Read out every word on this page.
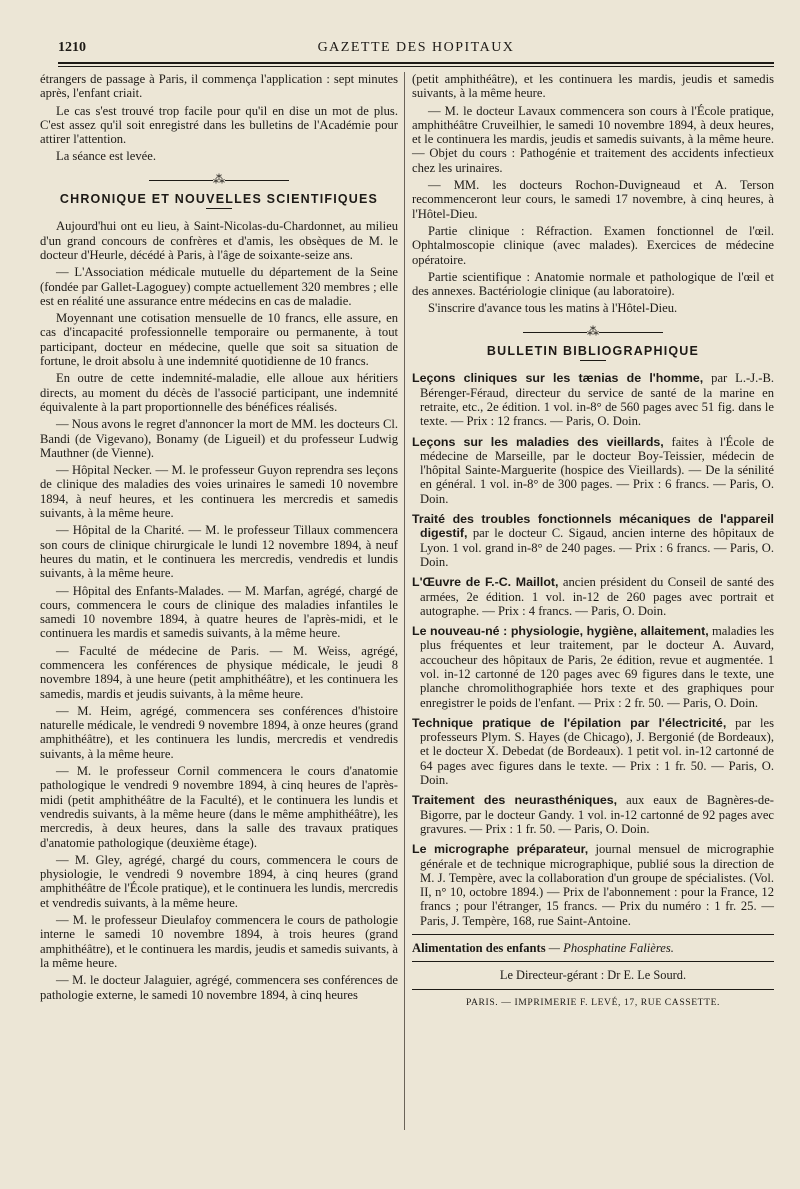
1210	GAZETTE DES HOPITAUX

étrangers de passage à Paris, il commença l'application : sept minutes après, l'enfant criait.

Le cas s'est trouvé trop facile pour qu'il en dise un mot de plus. C'est assez qu'il soit enregistré dans les bulletins de l'Académie pour attirer l'attention.

La séance est levée.

⁂
CHRONIQUE ET NOUVELLES SCIENTIFIQUES

Aujourd'hui ont eu lieu, à Saint-Nicolas-du-Chardonnet, au milieu d'un grand concours de confrères et d'amis, les obsèques de M. le docteur d'Heurle, décédé à Paris, à l'âge de soixante-seize ans.

— L'Association médicale mutuelle du département de la Seine (fondée par Gallet-Lagoguey) compte actuellement 320 membres ; elle est en réalité une assurance entre médecins en cas de maladie.

Moyennant une cotisation mensuelle de 10 francs, elle assure, en cas d'incapacité professionnelle temporaire ou permanente, à tout participant, docteur en médecine, quelle que soit sa situation de fortune, le droit absolu à une indemnité quotidienne de 10 francs.

En outre de cette indemnité-maladie, elle alloue aux héritiers directs, au moment du décès de l'associé participant, une indemnité équivalente à la part proportionnelle des bénéfices réalisés.

— Nous avons le regret d'annoncer la mort de MM. les docteurs Cl. Bandi (de Vigevano), Bonamy (de Ligueil) et du professeur Ludwig Mauthner (de Vienne).

— Hôpital Necker. — M. le professeur Guyon reprendra ses leçons de clinique des maladies des voies urinaires le samedi 10 novembre 1894, à neuf heures, et les continuera les mercredis et samedis suivants, à la même heure.

— Hôpital de la Charité. — M. le professeur Tillaux commencera son cours de clinique chirurgicale le lundi 12 novembre 1894, à neuf heures du matin, et le continuera les mercredis, vendredis et lundis suivants, à la même heure.

— Hôpital des Enfants-Malades. — M. Marfan, agrégé, chargé de cours, commencera le cours de clinique des maladies infantiles le samedi 10 novembre 1894, à quatre heures de l'après-midi, et le continuera les mardis et samedis suivants, à la même heure.

— Faculté de médecine de Paris. — M. Weiss, agrégé, commencera les conférences de physique médicale, le jeudi 8 novembre 1894, à une heure (petit amphithéâtre), et les continuera les samedis, mardis et jeudis suivants, à la même heure.

— M. Heim, agrégé, commencera ses conférences d'histoire naturelle médicale, le vendredi 9 novembre 1894, à onze heures (grand amphithéâtre), et les continuera les lundis, mercredis et vendredis suivants, à la même heure.

— M. le professeur Cornil commencera le cours d'anatomie pathologique le vendredi 9 novembre 1894, à cinq heures de l'après-midi (petit amphithéâtre de la Faculté), et le continuera les lundis et vendredis suivants, à la même heure (dans le même amphithéâtre), les mercredis, à deux heures, dans la salle des travaux pratiques d'anatomie pathologique (deuxième étage).

— M. Gley, agrégé, chargé du cours, commencera le cours de physiologie, le vendredi 9 novembre 1894, à cinq heures (grand amphithéâtre de l'École pratique), et le continuera les lundis, mercredis et vendredis suivants, à la même heure.

— M. le professeur Dieulafoy commencera le cours de pathologie interne le samedi 10 novembre 1894, à trois heures (grand amphithéâtre), et le continuera les mardis, jeudis et samedis suivants, à la même heure.

— M. le docteur Jalaguier, agrégé, commencera ses conférences de pathologie externe, le samedi 10 novembre 1894, à cinq heures

(petit amphithéâtre), et les continuera les mardis, jeudis et samedis suivants, à la même heure.

— M. le docteur Lavaux commencera son cours à l'École pratique, amphithéâtre Cruveilhier, le samedi 10 novembre 1894, à deux heures, et le continuera les mardis, jeudis et samedis suivants, à la même heure. — Objet du cours : Pathogénie et traitement des accidents infectieux chez les urinaires.

— MM. les docteurs Rochon-Duvigneaud et A. Terson recommenceront leur cours, le samedi 17 novembre, à cinq heures, à l'Hôtel-Dieu.

Partie clinique : Réfraction. Examen fonctionnel de l'œil. Ophtalmoscopie clinique (avec malades). Exercices de médecine opératoire.

Partie scientifique : Anatomie normale et pathologique de l'œil et des annexes. Bactériologie clinique (au laboratoire).

S'inscrire d'avance tous les matins à l'Hôtel-Dieu.

⁂
BULLETIN BIBLIOGRAPHIQUE

Leçons cliniques sur les tænias de l'homme, par L.-J.-B. Bérenger-Féraud, directeur du service de santé de la marine en retraite, etc., 2e édition. 1 vol. in-8° de 560 pages avec 51 fig. dans le texte. — Prix : 12 francs. — Paris, O. Doin.

Leçons sur les maladies des vieillards, faites à l'École de médecine de Marseille, par le docteur Boy-Teissier, médecin de l'hôpital Sainte-Marguerite (hospice des Vieillards). — De la sénilité en général. 1 vol. in-8° de 300 pages. — Prix : 6 francs. — Paris, O. Doin.

Traité des troubles fonctionnels mécaniques de l'appareil digestif, par le docteur C. Sigaud, ancien interne des hôpitaux de Lyon. 1 vol. grand in-8° de 240 pages. — Prix : 6 francs. — Paris, O. Doin.

L'Œuvre de F.-C. Maillot, ancien président du Conseil de santé des armées, 2e édition. 1 vol. in-12 de 260 pages avec portrait et autographe. — Prix : 4 francs. — Paris, O. Doin.

Le nouveau-né : physiologie, hygiène, allaitement, maladies les plus fréquentes et leur traitement, par le docteur A. Auvard, accoucheur des hôpitaux de Paris, 2e édition, revue et augmentée. 1 vol. in-12 cartonné de 120 pages avec 69 figures dans le texte, une planche chromolithographiée hors texte et des graphiques pour enregistrer le poids de l'enfant. — Prix : 2 fr. 50. — Paris, O. Doin.

Technique pratique de l'épilation par l'électricité, par les professeurs Plym. S. Hayes (de Chicago), J. Bergonié (de Bordeaux), et le docteur X. Debedat (de Bordeaux). 1 petit vol. in-12 cartonné de 64 pages avec figures dans le texte. — Prix : 1 fr. 50. — Paris, O. Doin.

Traitement des neurasthéniques, aux eaux de Bagnères-de-Bigorre, par le docteur Gandy. 1 vol. in-12 cartonné de 92 pages avec gravures. — Prix : 1 fr. 50. — Paris, O. Doin.

Le micrographe préparateur, journal mensuel de micrographie générale et de technique micrographique, publié sous la direction de M. J. Tempère, avec la collaboration d'un groupe de spécialistes. (Vol. II, n° 10, octobre 1894.) — Prix de l'abonnement : pour la France, 12 francs ; pour l'étranger, 15 francs. — Prix du numéro : 1 fr. 25. — Paris, J. Tempère, 168, rue Saint-Antoine.

Alimentation des enfants — Phosphatine Falières.

Le Directeur-gérant : Dr E. Le Sourd.
PARIS. — IMPRIMERIE F. LEVÉ, 17, RUE CASSETTE.
